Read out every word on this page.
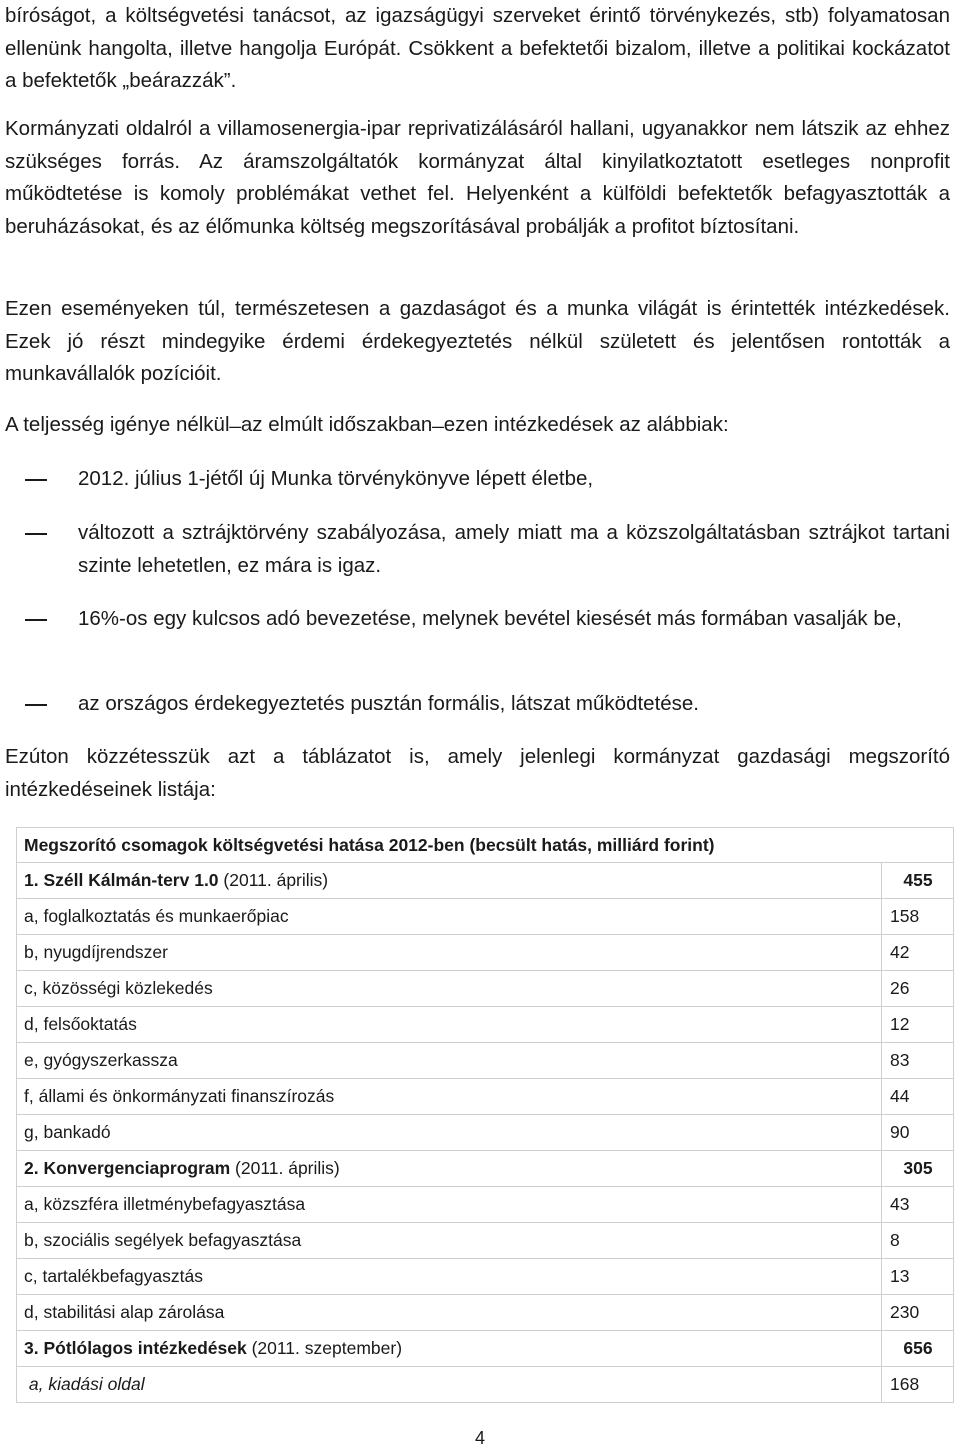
bíróságot, a költségvetési tanácsot, az igazságügyi szerveket érintő törvénykezés, stb) folyamatosan ellenünk hangolta, illetve hangolja Európát. Csökkent a befektetői bizalom, illetve a politikai kockázatot a befektetők „beárazzák”.

Kormányzati oldalról a villamosenergia-ipar reprivatizálásáról hallani, ugyanakkor nem látszik az ehhez szükséges forrás. Az áramszolgáltatók kormányzat által kinyilatkoztatott esetleges nonprofit működtetése is komoly problémákat vethet fel. Helyenként a külföldi befektetők befagyasztották a beruházásokat, és az élőmunka költség megszorításával probálják a profitot bíztosítani.

Ezen eseményeken túl, természetesen a gazdaságot és a munka világát is érintették intézkedések. Ezek jó részt mindegyike érdemi érdekegyeztetés nélkül született és jelentősen rontották a munkavállalók pozícióit.

A teljesség igénye nélkül ̶ az elmúlt időszakban ̶ ezen intézkedések az alábbiak:

2012. július 1-jétől új Munka törvénykönyve lépett életbe,
változott a sztrájktörvény szabályozása, amely miatt ma a közszolgáltatásban sztrájkot tartani szinte lehetetlen, ez mára is igaz.
16%-os egy kulcsos adó bevezetése, melynek bevétel kiesését más formában vasalják be,
az országos érdekegyeztetés pusztán formális, látszat működtetése.

Ezúton közzétesszük azt a táblázatot is, amely jelenlegi kormányzat gazdasági megszorító intézkedéseinek listája:

Megszorító csomagok költségvetési hatása 2012-ben (becsült hatás, milliárd forint)	
1. Széll Kálmán-terv 1.0 (2011. április)	455
a, foglalkoztatás és munkaerőpiac	158
b, nyugdíjrendszer	42
c, közösségi közlekedés	26
d, felsőoktatás	12
e, gyógyszerkassza	83
f, állami és önkormányzati finanszírozás	44
g, bankadó	90
2. Konvergenciaprogram (2011. április)	305
a, közszféra illetménybefagyasztása	43
b, szociális segélyek befagyasztása	8
c, tartalékbefagyasztás	13
d, stabilitási alap zárolása	230
3. Pótlólagos intézkedések (2011. szeptember)	656
a, kiadási oldal	168
4
